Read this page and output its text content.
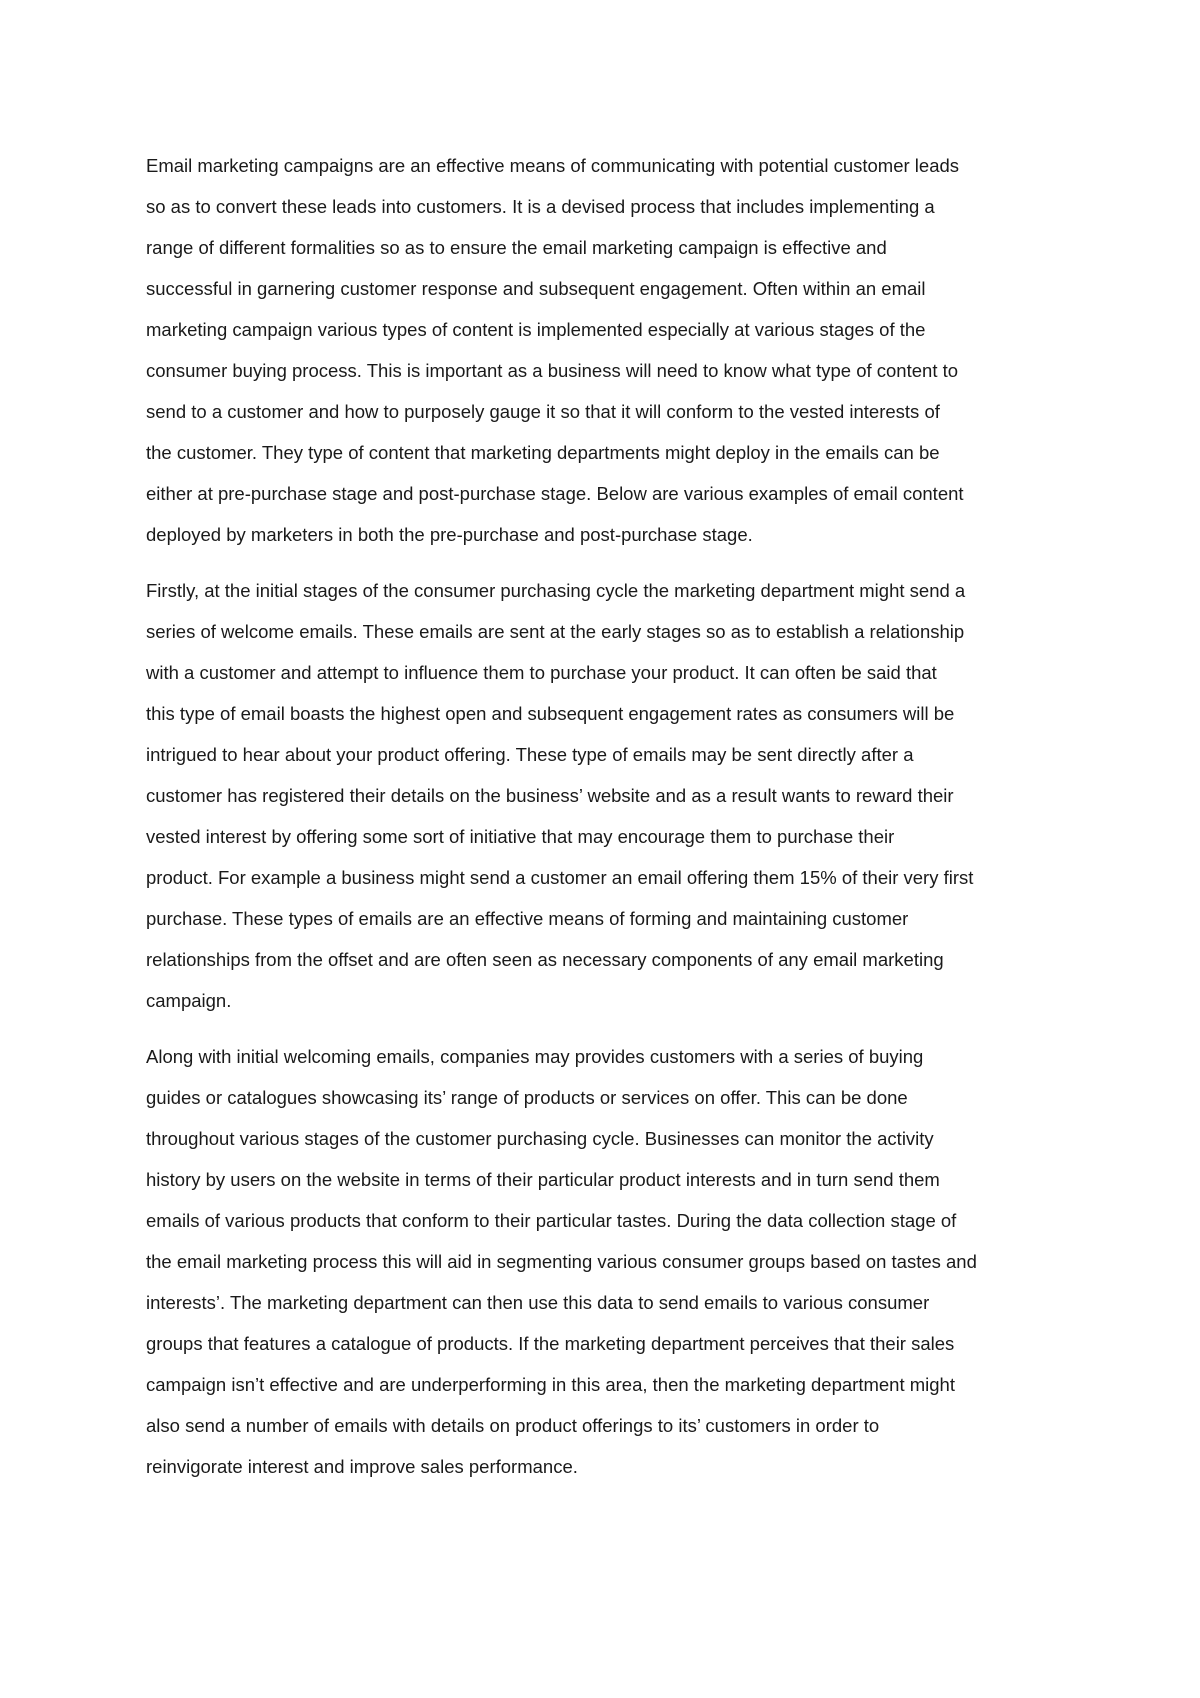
Email marketing campaigns are an effective means of communicating with potential customer leads
so as to convert these leads into customers. It is a devised process that includes implementing a
range of different formalities so as to ensure the email marketing campaign is effective and
successful in garnering customer response and subsequent engagement. Often within an email
marketing campaign various types of content is implemented especially at various stages of the
consumer buying process. This is important as a business will need to know what type of content to
send to a customer and how to purposely gauge it so that it will conform to the vested interests of
the customer. They type of content that marketing departments might deploy in the emails can be
either at pre-purchase stage and post-purchase stage. Below are various examples of email content
deployed by marketers in both the pre-purchase and post-purchase stage.
Firstly, at the initial stages of the consumer purchasing cycle the marketing department might send a
series of welcome emails. These emails are sent at the early stages so as to establish a relationship
with a customer and attempt to influence them to purchase your product. It can often be said that
this type of email boasts the highest open and subsequent engagement rates as consumers will be
intrigued to hear about your product offering. These type of emails may be sent directly after a
customer has registered their details on the business’ website and as a result wants to reward their
vested interest by offering some sort of initiative that may encourage them to purchase their
product. For example a business might send a customer an email offering them 15% of their very first
purchase. These types of emails are an effective means of forming and maintaining customer
relationships from the offset and are often seen as necessary components of any email marketing
campaign.
Along with initial welcoming emails, companies may provides customers with a series of buying
guides or catalogues showcasing its’ range of products or services on offer. This can be done
throughout various stages of the customer purchasing cycle. Businesses can monitor the activity
history by users on the website in terms of their particular product interests and in turn send them
emails of various products that conform to their particular tastes. During the data collection stage of
the email marketing process this will aid in segmenting various consumer groups based on tastes and
interests’. The marketing department can then use this data to send emails to various consumer
groups that features a catalogue of products. If the marketing department perceives that their sales
campaign isn’t effective and are underperforming in this area, then the marketing department might
also send a number of emails with details on product offerings to its’ customers in order to
reinvigorate interest and improve sales performance.
